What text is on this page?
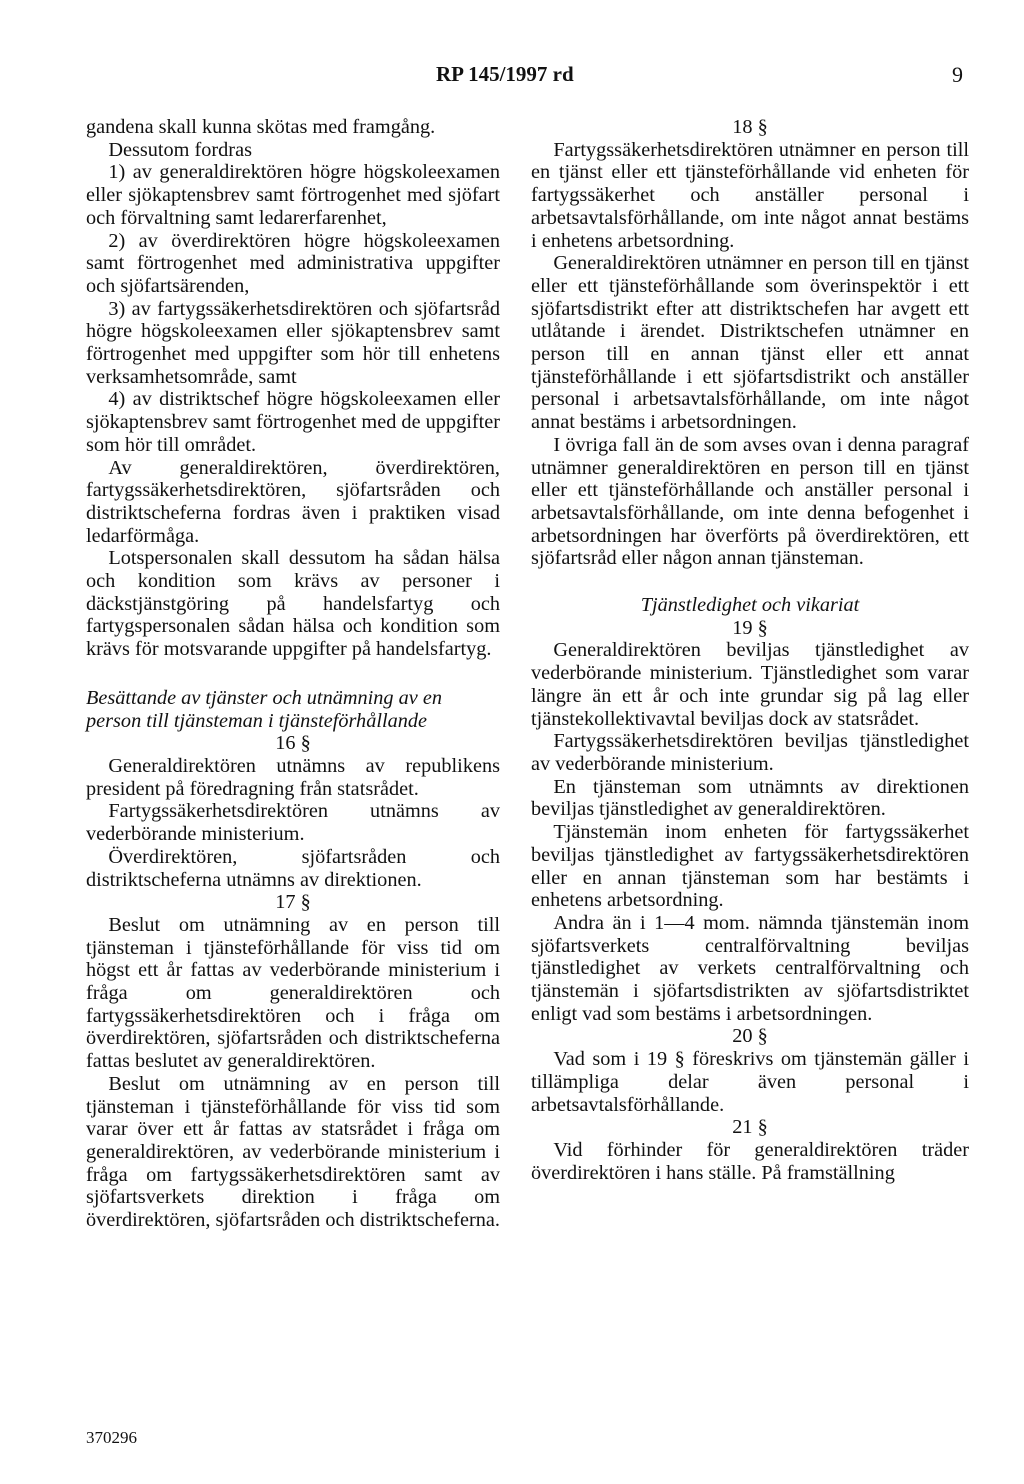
RP 145/1997 rd	9

gandena skall kunna skötas med framgång.

Dessutom fordras

1) av generaldirektören högre högskoleexamen eller sjökaptensbrev samt förtrogenhet med sjöfart och förvaltning samt ledarerfarenhet,

2) av överdirektören högre högskoleexamen samt förtrogenhet med administrativa uppgifter och sjöfartsärenden,

3) av fartygssäkerhetsdirektören och sjöfartsråd högre högskoleexamen eller sjökaptensbrev samt förtrogenhet med uppgifter som hör till enhetens verksamhetsområde, samt

4) av distriktschef högre högskoleexamen eller sjökaptensbrev samt förtrogenhet med de uppgifter som hör till området.

Av generaldirektören, överdirektören, fartygssäkerhetsdirektören, sjöfartsråden och distriktscheferna fordras även i praktiken visad ledarförmåga.

Lotspersonalen skall dessutom ha sådan hälsa och kondition som krävs av personer i däckstjänstgöring på handelsfartyg och fartygspersonalen sådan hälsa och kondition som krävs för motsvarande uppgifter på handelsfartyg.

Besättande av tjänster och utnämning av en person till tjänsteman i tjänsteförhållande

16 §

Generaldirektören utnämns av republikens president på föredragning från statsrådet.

Fartygssäkerhetsdirektören utnämns av vederbörande ministerium.

Överdirektören, sjöfartsråden och distriktscheferna utnämns av direktionen.

17 §

Beslut om utnämning av en person till tjänsteman i tjänsteförhållande för viss tid om högst ett år fattas av vederbörande ministerium i fråga om generaldirektören och fartygssäkerhetsdirektören och i fråga om överdirektören, sjöfartsråden och distriktscheferna fattas beslutet av generaldirektören.

Beslut om utnämning av en person till tjänsteman i tjänsteförhållande för viss tid som varar över ett år fattas av statsrådet i fråga om generaldirektören, av vederbörande ministerium i fråga om fartygssäkerhetsdirektören samt av sjöfartsverkets direktion i fråga om överdirektören, sjöfartsråden och distriktscheferna.

18 §

Fartygssäkerhetsdirektören utnämner en person till en tjänst eller ett tjänsteförhållande vid enheten för fartygssäkerhet och anställer personal i arbetsavtalsförhållande, om inte något annat bestäms i enhetens arbetsordning.

Generaldirektören utnämner en person till en tjänst eller ett tjänsteförhållande som överinspektör i ett sjöfartsdistrikt efter att distriktschefen har avgett ett utlåtande i ärendet. Distriktschefen utnämner en person till en annan tjänst eller ett annat tjänsteförhållande i ett sjöfartsdistrikt och anställer personal i arbetsavtalsförhållande, om inte något annat bestäms i arbetsordningen.

I övriga fall än de som avses ovan i denna paragraf utnämner generaldirektören en person till en tjänst eller ett tjänsteförhållande och anställer personal i arbetsavtalsförhållande, om inte denna befogenhet i arbetsordningen har överförts på överdirektören, ett sjöfartsråd eller någon annan tjänsteman.

Tjänstledighet och vikariat

19 §

Generaldirektören beviljas tjänstledighet av vederbörande ministerium. Tjänstledighet som varar längre än ett år och inte grundar sig på lag eller tjänstekollektivavtal beviljas dock av statsrådet.

Fartygssäkerhetsdirektören beviljas tjänstledighet av vederbörande ministerium.

En tjänsteman som utnämnts av direktionen beviljas tjänstledighet av generaldirektören.

Tjänstemän inom enheten för fartygssäkerhet beviljas tjänstledighet av fartygssäkerhetsdirektören eller en annan tjänsteman som har bestämts i enhetens arbetsordning.

Andra än i 1—4 mom. nämnda tjänstemän inom sjöfartsverkets centralförvaltning beviljas tjänstledighet av verkets centralförvaltning och tjänstemän i sjöfartsdistrikten av sjöfartsdistriktet enligt vad som bestäms i arbetsordningen.

20 §

Vad som i 19 § föreskrivs om tjänstemän gäller i tillämpliga delar även personal i arbetsavtalsförhållande.

21 §

Vid förhinder för generaldirektören träder överdirektören i hans ställe. På framställning

370296
